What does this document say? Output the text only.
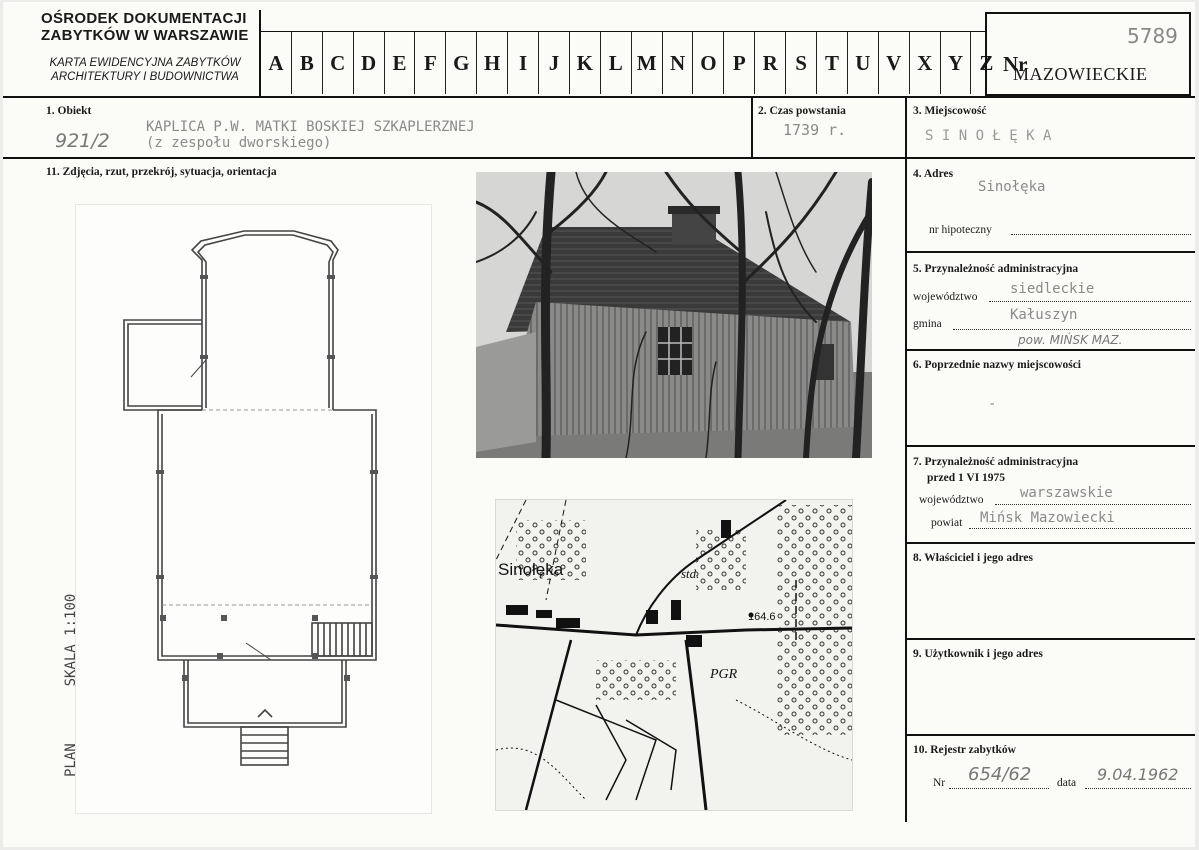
OŚRODEK DOKUMENTACJI
ZABYTKÓW W WARSZAWIE
KARTA EWIDENCYJNA ZABYTKÓW
ARCHITEKTURY I BUDOWNICTWA
A B C D E F G H I	J K L M N O P R S T U V X Y Z Nr
MAZOWIECKIE
5789
1. Obiekt
921/2
KAPLICA P.W. MATKI BOSKIEJ SZKAPLERZNEJ
(z zespołu dworskiego)
2. Czas powstania
1739 r.
3. Miejscowość
S I N O Ł Ę K A
11. Zdjęcia, rzut, przekrój, sytuacja, orientacja
PLAN  SKALA 1:100
Sinołęka	std.
164.6
PGR
4. Adres
Sinołęka
nr hipoteczny
5. Przynależność administracyjna
województwo siedleckie
gmina
Kałuszyn
pow. MIŃSK MAZ.
6. Poprzednie nazwy miejscowości
-
7. Przynależność administracyjna
przed 1 VI 1975
województwo	warszawskie
powiat Mińsk Mazowiecki
8. Właściciel i jego adres
9. Użytkownik i jego adres
10. Rejestr zabytków
Nr 654/62 data 9.04.1962
